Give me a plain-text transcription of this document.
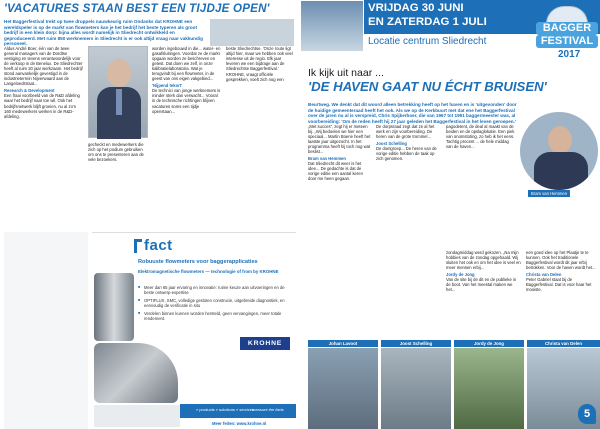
'VACATURES STAAN BEST EEN TIJDJE OPEN'

Het Baggerfestival trekt op twee druppels nauwkeurig ruim Ondanks dat KROHNE een wereldspeler is op de markt van flowmeters kan je het bedrijf het beste typeren als groot bedrijf in een klein dorp: bijna alles wordt namelijk in Sliedrecht ontwikkeld en geproduceerd. Met ruim 850 werknemers in Sliedrecht is er ook altijd vraag naar vakkundig personeel.

Aldus André Boer, één van de twee general managers van de Dordtse vestiging en tevens verantwoordelijk voor de verkoop in de Benelux. De Sliedrechter heeft al ruim 20 jaar werkzaam. Het bedrijf stond aanvankelijk gevestigd in de industrieterrein Nijverwaard aan de Langeloedstraat...

Research & Development

Een fraai voorbeeld van de R&D afdeling waar het bedrijf naar toe wil. Ook het bedrijfsnetwerk blijft groeien, nu al zo'n 160 medewerkers werken in de R&D-afdeling.

gecheckt en medewerkers die zich op het podium gebruiken om ons te presenteren aan de vele bezoekers.

worden ingebouwd in die... water- en gasafsluitingen. Voordat ze de markt opgaan worden ze beschreven en getest. Dat doen we zelf, in onze kalibratielaboratoria. Wat je terugvindt bij een flowmeter, in de geest van ons eigen vakgebied...

'Nijpend tekort'

De technici van jonge werknemers is minder sterk dan verwacht... Vooral in de technische richtingen blijven vacatures soms een tijdje openstaan...

beste Sliedrechtse. 'Onze route ligt altijd hier, maar we hebben ook veel interesse uit de regio. Elk jaar leveren we een bijdrage aan de Sliedrechtse Baggerfestival.'

KROHNE, vraagt officiële gesprekken, voelt zich nog een

fact
Robuuste flowmeters voor baggerapplicaties
Elektromagnetische flowmeters — technologie of from by KROHNE
■ Meer dan 65 jaar ervaring en innovatie: ruime keuze aan uitvoeringen en de beste ontwerp-expertise
■ OPTIFLUX, SMC, volledige gesloten construcie, uitgebreide diagnostiek, en eenvoudig de verificatie in situ
■ Verdelen binnen kunnen worden hersteld, geen vervangingen, meer totale rendement.
KROHNE
» products » solutions » services
measure the facts
Meer feiten: www.krohne.nl
VRIJDAG 30 JUNI
EN ZATERDAG 1 JULI
Locatie centrum Sliedrecht
BAGGER
FESTIVAL
2017
Ik kijk uit naar ...
'DE HAVEN GAAT NU ÉCHT BRUISEN'

Beurtweg. We denkt dat dit woord alleen betrekking heeft op het haven en is 'uitgevonden' door de huidige gemeenteraad heeft het ook. Als we op de Kerkbuurt met dat ene het Baggerfestival over de jaren nu al is verspreid, Chris Spijkerboer, die van 1967 tot 1991 baggermeester was, al voorbereiding: 'Om de reden heeft hij 27 jaar geleden het Baggerfestival in het leven geroepen.'

Bram van Hemmen

„Met succes”, zegt hij er meteen bij. „Wij bedoelen we hier een speciaal... Martin Boerie heeft het laatste jaar uitgezocht. In het programma heeft hij toch nog wat beslist...

Bram van Hemmen

Dat Sliedrecht dit weer is het idee... De gedachte is dat de vorige editie een aantal keren door me heen gegaan.

De dorpsraad zegt dat ze al het werk en zijn voorbereiding. De heren van de grote trommel...

Joost Schelling

De doelgroep... De heren van de vorige editie hebben de taak op zich genomen.

pagodetent, de deal al maakt van de beiden en de opslaglokatie. Een piek van onomstoting, zo heb ik het eens. Tachtig procent ... de hele middag van de haven...

zondagmiddag werd gekozen. „Na mijn hobbies van de zondag opgehaald. Wij sluiten het ook en om het idee is veel en meer mensen erbij...

Jordy de Jong

Van de site bij de dit en de publieke in de boot. Van het meestal maken we het...

een goed idee op het Plaatje te te kunnen. Ook het traditionele Baggerfestival wordt dit jaar erbij betrokken. Voor de haven wordt het...

Christa van Delen

Peter Gabriel staat bij de Baggerfestival. Dat is voor haar het mooiste.

Johan Lavoot	Joost Schelling	Jordy de Jong	Christa van Delen
5
